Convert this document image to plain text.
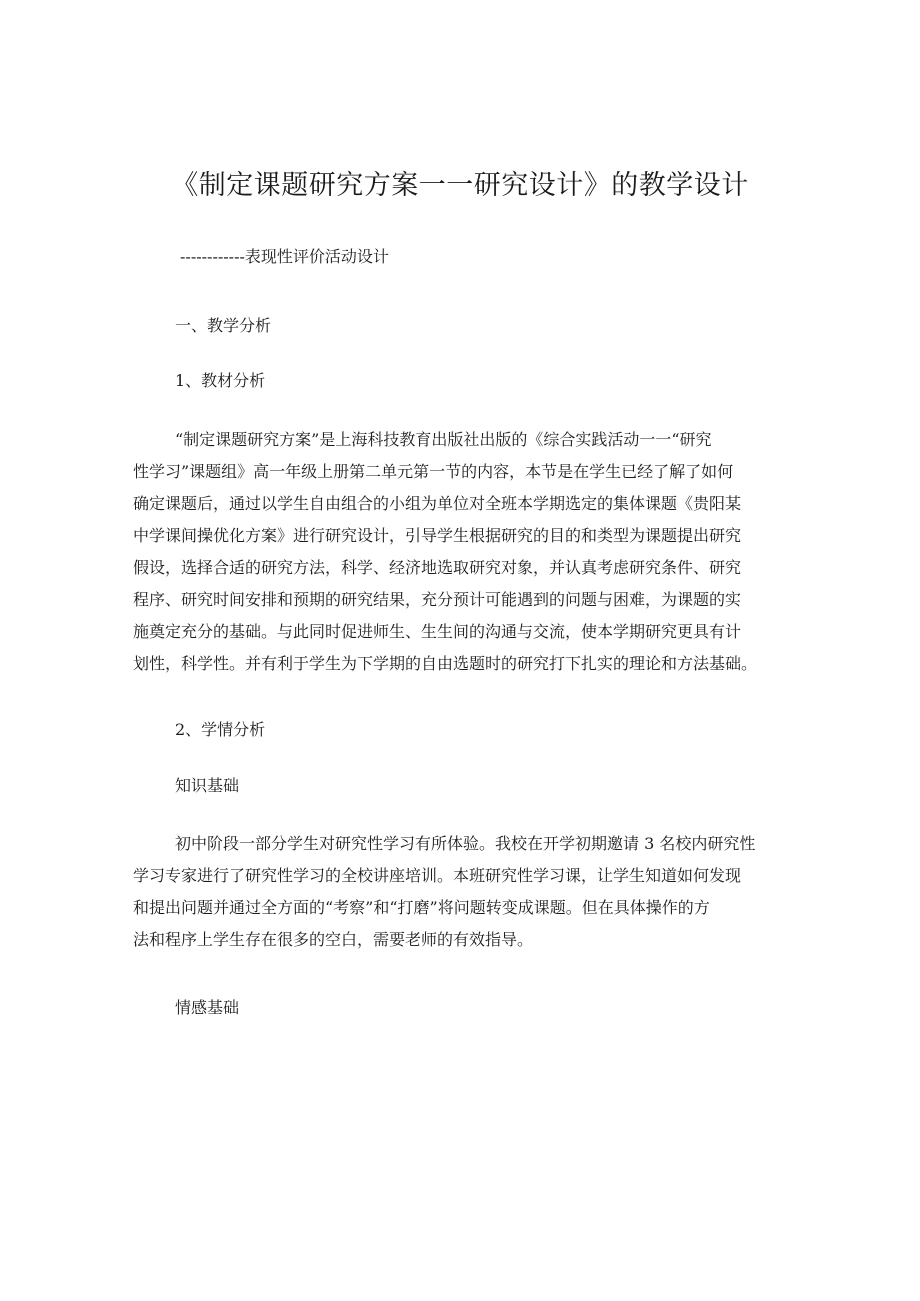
《制定课题研究方案一一研究设计》的教学设计

------------表现性评价活动设计

一、教学分析
1、教材分析
“制定课题研究方案”是上海科技教育出版社出版的《综合实践活动一一“研究
性学习”课题组》高一年级上册第二单元第一节的内容，本节是在学生已经了解了如何
确定课题后，通过以学生自由组合的小组为单位对全班本学期选定的集体课题《贵阳某
中学课间操优化方案》进行研究设计，引导学生根据研究的目的和类型为课题提出研究
假设，选择合适的研究方法，科学、经济地选取研究对象，并认真考虑研究条件、研究
程序、研究时间安排和预期的研究结果，充分预计可能遇到的问题与困难，为课题的实
施奠定充分的基础。与此同时促进师生、生生间的沟通与交流，使本学期研究更具有计
划性，科学性。并有利于学生为下学期的自由选题时的研究打下扎实的理论和方法基础。
2、学情分析
知识基础
初中阶段一部分学生对研究性学习有所体验。我校在开学初期邀请 3 名校内研究性
学习专家进行了研究性学习的全校讲座培训。本班研究性学习课，让学生知道如何发现
和提出问题并通过全方面的“考察”和“打磨”将问题转变成课题。但在具体操作的方
法和程序上学生存在很多的空白，需要老师的有效指导。
情感基础
